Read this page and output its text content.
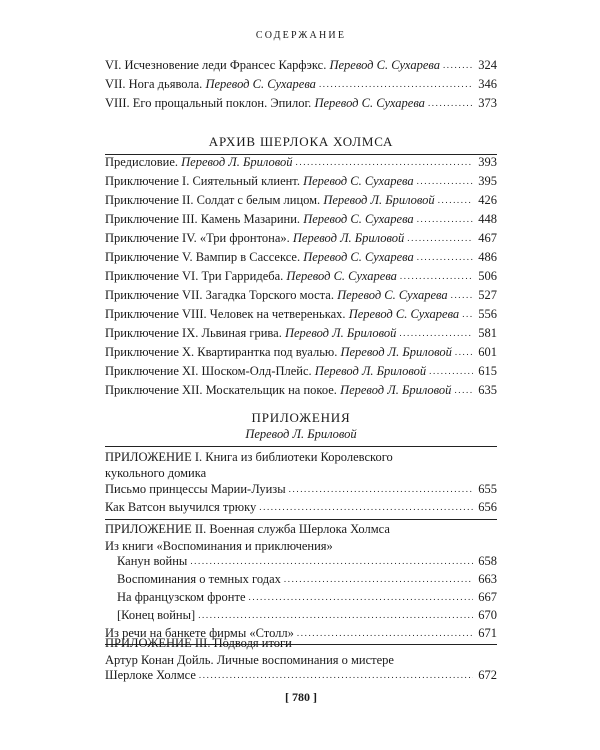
СОДЕРЖАНИЕ
VI. Исчезновение леди Франсес Карфэкс.
Перевод С. Сухарева .....	324
VII. Нога дьявола.
Перевод С. Сухарева .....	346
VIII. Его прощальный поклон. Эпилог.
Перевод С. Сухарева .....	373
АРХИВ ШЕРЛОКА ХОЛМСА
Предисловие.
Перевод Л. Бриловой .....	393
Приключение I. Сиятельный клиент.
Перевод С. Сухарева .....	395
Приключение II. Солдат с белым лицом.
Перевод Л. Бриловой .....	426
Приключение III. Камень Мазарини.
Перевод С. Сухарева .....	448
Приключение IV. «Три фронтона».
Перевод Л. Бриловой .....	467
Приключение V. Вампир в Сассексе.
Перевод С. Сухарева .....	486
Приключение VI. Три Гарридеба.
Перевод С. Сухарева .....	506
Приключение VII. Загадка Торского моста.
Перевод С. Сухарева ..... 527
Приключение VIII. Человек на четвереньках.
Перевод С. Сухарева ..... 556
Приключение IX. Львиная грива.
Перевод Л. Бриловой .....	581
Приключение X. Квартирантка под вуалью.
Перевод Л. Бриловой ..... 601
Приключение XI. Шоском-Олд-Плейс.
Перевод Л. Бриловой .....	615
Приключение XII. Москательщик на покое.
Перевод Л. Бриловой ..... 635
ПРИЛОЖЕНИЯ
Перевод Л. Бриловой
ПРИЛОЖЕНИЕ I. Книга из библиотеки Королевского
кукольного домика
Письмо принцессы Марии-Луизы .....	655
Как Ватсон выучился трюку .....	656
ПРИЛОЖЕНИЕ II. Военная служба Шерлока Холмса
Из книги «Воспоминания и приключения»
Канун войны .....	658
Воспоминания о темных годах .....	663
На французском фронте .....	667
[Конец войны] .....	670
Из речи на банкете фирмы «Столл» .....	671
ПРИЛОЖЕНИЕ III. Подводя итоги
Артур Конан Дойль. Личные воспоминания о мистере
Шерлоке Холмсе .....	672
[ 780 ]
